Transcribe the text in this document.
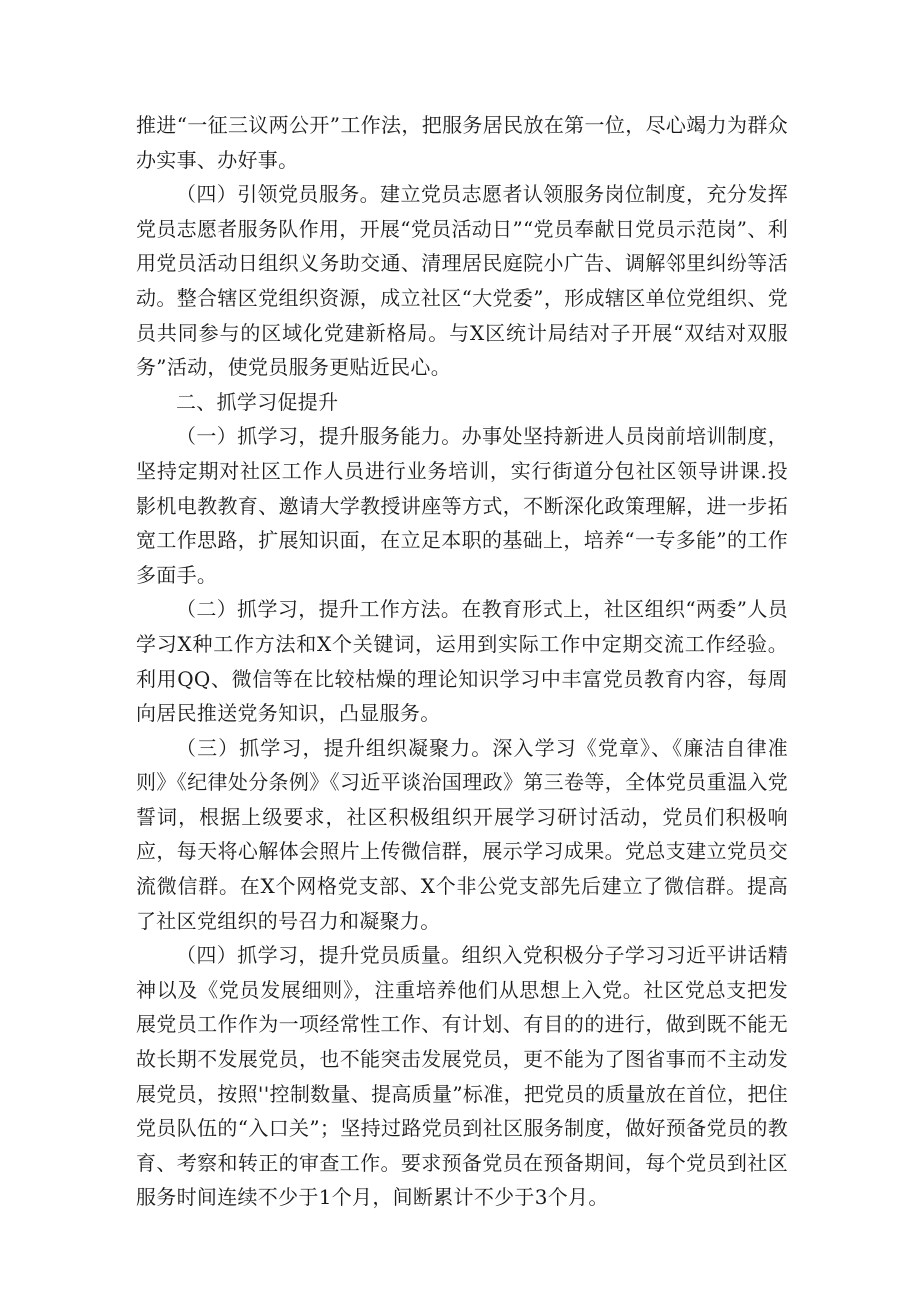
推进“一征三议两公开”工作法，把服务居民放在第一位，尽心竭力为群众办实事、办好事。

（四）引领党员服务。建立党员志愿者认领服务岗位制度，充分发挥党员志愿者服务队作用，开展“党员活动日”“党员奉献日党员示范岗”、利用党员活动日组织义务助交通、清理居民庭院小广告、调解邻里纠纷等活动。整合辖区党组织资源，成立社区“大党委”，形成辖区单位党组织、党员共同参与的区域化党建新格局。与X区统计局结对子开展“双结对双服务”活动，使党员服务更贴近民心。

二、抓学习促提升

（一）抓学习，提升服务能力。办事处坚持新进人员岗前培训制度，坚持定期对社区工作人员进行业务培训，实行街道分包社区领导讲课.投影机电教教育、邀请大学教授讲座等方式，不断深化政策理解，进一步拓宽工作思路，扩展知识面，在立足本职的基础上，培养“一专多能”的工作多面手。

（二）抓学习，提升工作方法。在教育形式上，社区组织“两委”人员学习X种工作方法和X个关键词，运用到实际工作中定期交流工作经验。利用QQ、微信等在比较枯燥的理论知识学习中丰富党员教育内容，每周向居民推送党务知识，凸显服务。

（三）抓学习，提升组织凝聚力。深入学习《党章》、《廉洁自律准则》《纪律处分条例》《习近平谈治国理政》第三卷等，全体党员重温入党誓词，根据上级要求，社区积极组织开展学习研讨活动，党员们积极响应，每天将心解体会照片上传微信群，展示学习成果。党总支建立党员交流微信群。在X个网格党支部、X个非公党支部先后建立了微信群。提高了社区党组织的号召力和凝聚力。

（四）抓学习，提升党员质量。组织入党积极分子学习习近平讲话精神以及《党员发展细则》，注重培养他们从思想上入党。社区党总支把发展党员工作作为一项经常性工作、有计划、有目的的进行，做到既不能无故长期不发展党员，也不能突击发展党员，更不能为了图省事而不主动发展党员，按照''控制数量、提高质量”标准，把党员的质量放在首位，把住党员队伍的“入口关”；坚持过路党员到社区服务制度，做好预备党员的教育、考察和转正的审查工作。要求预备党员在预备期间，每个党员到社区服务时间连续不少于1个月，间断累计不少于3个月。
